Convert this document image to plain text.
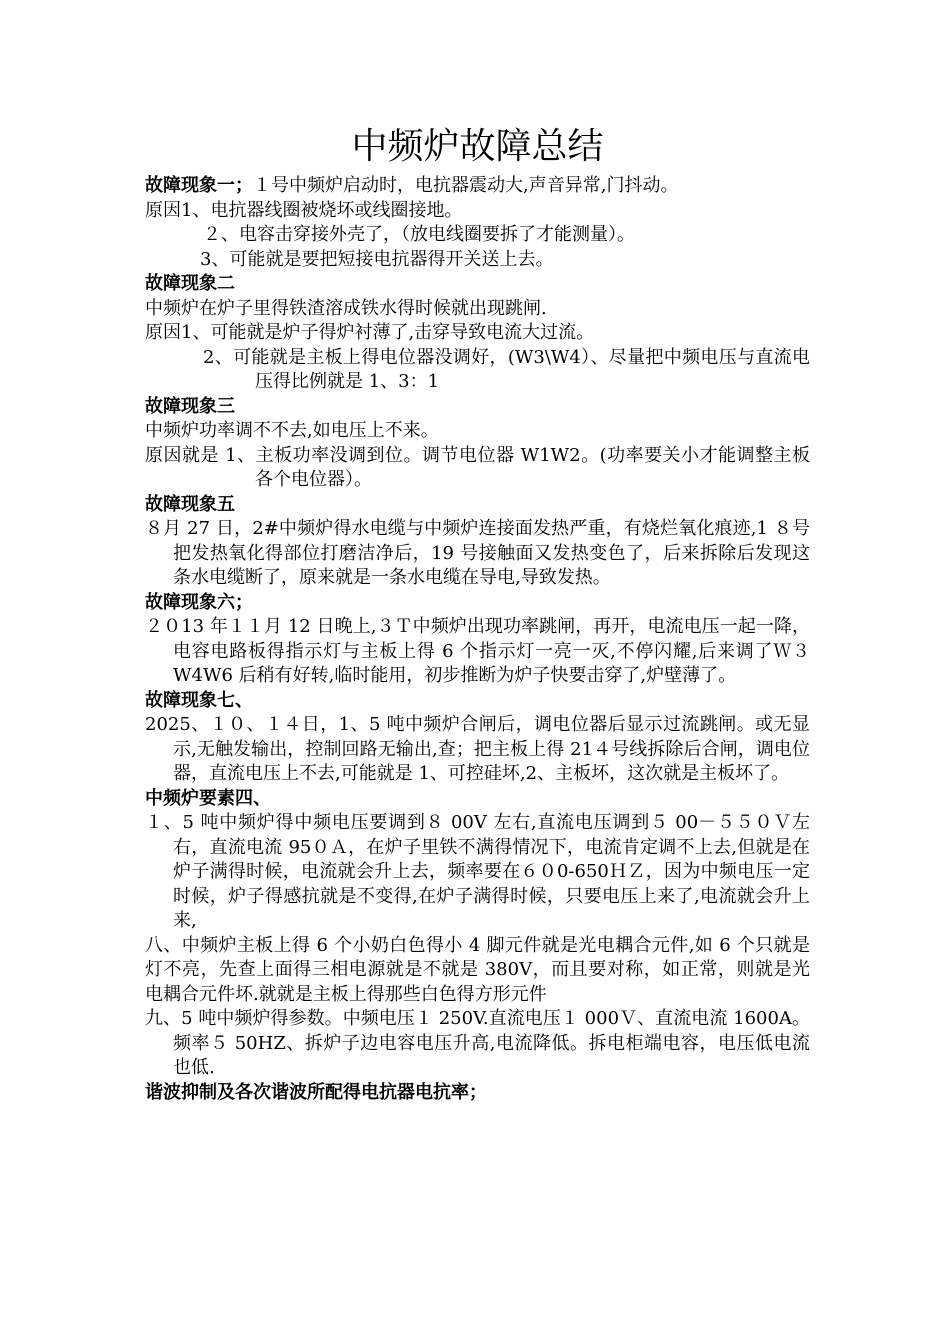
中频炉故障总结

故障现象一；１号中频炉启动时，电抗器震动大,声音异常,门抖动。

原因1、电抗器线圈被烧坏或线圈接地。

２、电容击穿接外壳了，（放电线圈要拆了才能测量）。

3、可能就是要把短接电抗器得开关送上去。

故障现象二

中频炉在炉子里得铁渣溶成铁水得时候就出现跳闸.

原因1、可能就是炉子得炉衬薄了,击穿导致电流大过流。

2、可能就是主板上得电位器没调好，(W3\W4）、尽量把中频电压与直流电压得比例就是 1、3：1

故障现象三

中频炉功率调不不去,如电压上不来。

原因就是 1、主板功率没调到位。调节电位器 W1W2。(功率要关小才能调整主板各个电位器）。

故障现象五

８月 27 日，2#中频炉得水电缆与中频炉连接面发热严重，有烧烂氧化痕迹,1 ８号把发热氧化得部位打磨洁净后，19 号接触面又发热变色了，后来拆除后发现这条水电缆断了，原来就是一条水电缆在导电,导致发热。

故障现象六；

２０13 年１１月 12 日晚上,３Ｔ中频炉出现功率跳闸，再开，电流电压一起一降，电容电路板得指示灯与主板上得 6 个指示灯一亮一灭,不停闪耀,后来调了Ｗ３ W4W6 后稍有好转,临时能用，初步推断为炉子快要击穿了,炉壁薄了。

故障现象七、

2025、１０、１４日，1、5 吨中频炉合闸后，调电位器后显示过流跳闸。或无显示,无触发输出，控制回路无输出,查；把主板上得 21４号线拆除后合闸，调电位器，直流电压上不去,可能就是 1、可控硅坏,2、主板坏，这次就是主板坏了。

中频炉要素四、

１、5 吨中频炉得中频电压要调到８ 00V 左右,直流电压调到５ 00－５５０Ｖ左右，直流电流 95０Ａ，在炉子里铁不满得情况下，电流肯定调不上去,但就是在炉子满得时候，电流就会升上去，频率要在６０0-650ＨＺ，因为中频电压一定时候，炉子得感抗就是不变得,在炉子满得时候，只要电压上来了,电流就会升上来,

八、中频炉主板上得 6 个小奶白色得小 4 脚元件就是光电耦合元件,如 6 个只就是灯不亮，先查上面得三相电源就是不就是 380V，而且要对称，如正常，则就是光电耦合元件坏.就就是主板上得那些白色得方形元件

九、5 吨中频炉得参数。中频电压１ 250V.直流电压１ 000Ｖ、直流电流 1600A。频率５ 50HZ、拆炉子边电容电压升高,电流降低。拆电柜端电容，电压低电流也低.

谐波抑制及各次谐波所配得电抗器电抗率；
